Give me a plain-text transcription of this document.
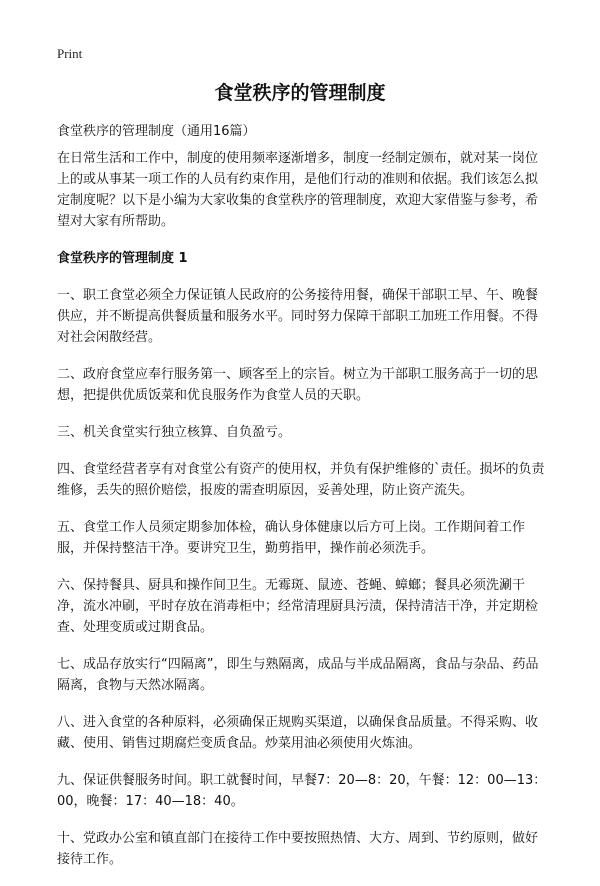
Print
食堂秩序的管理制度
食堂秩序的管理制度（通用16篇）

在日常生活和工作中，制度的使用频率逐渐增多，制度一经制定颁布，就对某一岗位上的或从事某一项工作的人员有约束作用，是他们行动的准则和依据。我们该怎么拟定制度呢？以下是小编为大家收集的食堂秩序的管理制度，欢迎大家借鉴与参考，希望对大家有所帮助。

食堂秩序的管理制度 1

一、职工食堂必须全力保证镇人民政府的公务接待用餐，确保干部职工早、午、晚餐供应，并不断提高供餐质量和服务水平。同时努力保障干部职工加班工作用餐。不得对社会闲散经营。

二、政府食堂应奉行服务第一、顾客至上的宗旨。树立为干部职工服务高于一切的思想，把提供优质饭菜和优良服务作为食堂人员的天职。

三、机关食堂实行独立核算、自负盈亏。

四、食堂经营者享有对食堂公有资产的使用权，并负有保护维修的`责任。损坏的负责维修，丢失的照价赔偿，报废的需查明原因，妥善处理，防止资产流失。

五、食堂工作人员须定期参加体检，确认身体健康以后方可上岗。工作期间着工作服，并保持整洁干净。要讲究卫生，勤剪指甲，操作前必须洗手。

六、保持餐具、厨具和操作间卫生。无霉斑、鼠迹、苍蝇、蟑螂；餐具必须洗涮干净，流水冲刷，平时存放在消毒柜中；经常清理厨具污渍，保持清洁干净，并定期检查、处理变质或过期食品。

七、成品存放实行“四隔离”，即生与熟隔离，成品与半成品隔离，食品与杂品、药品隔离，食物与天然冰隔离。

八、进入食堂的各种原料，必须确保正规购买渠道，以确保食品质量。不得采购、收藏、使用、销售过期腐烂变质食品。炒菜用油必须使用火炼油。

九、保证供餐服务时间。职工就餐时间，早餐7：20—8：20，午餐：12：00—13：00，晚餐：17：40—18：40。

十、党政办公室和镇直部门在接待工作中要按照热情、大方、周到、节约原则，做好接待工作。
